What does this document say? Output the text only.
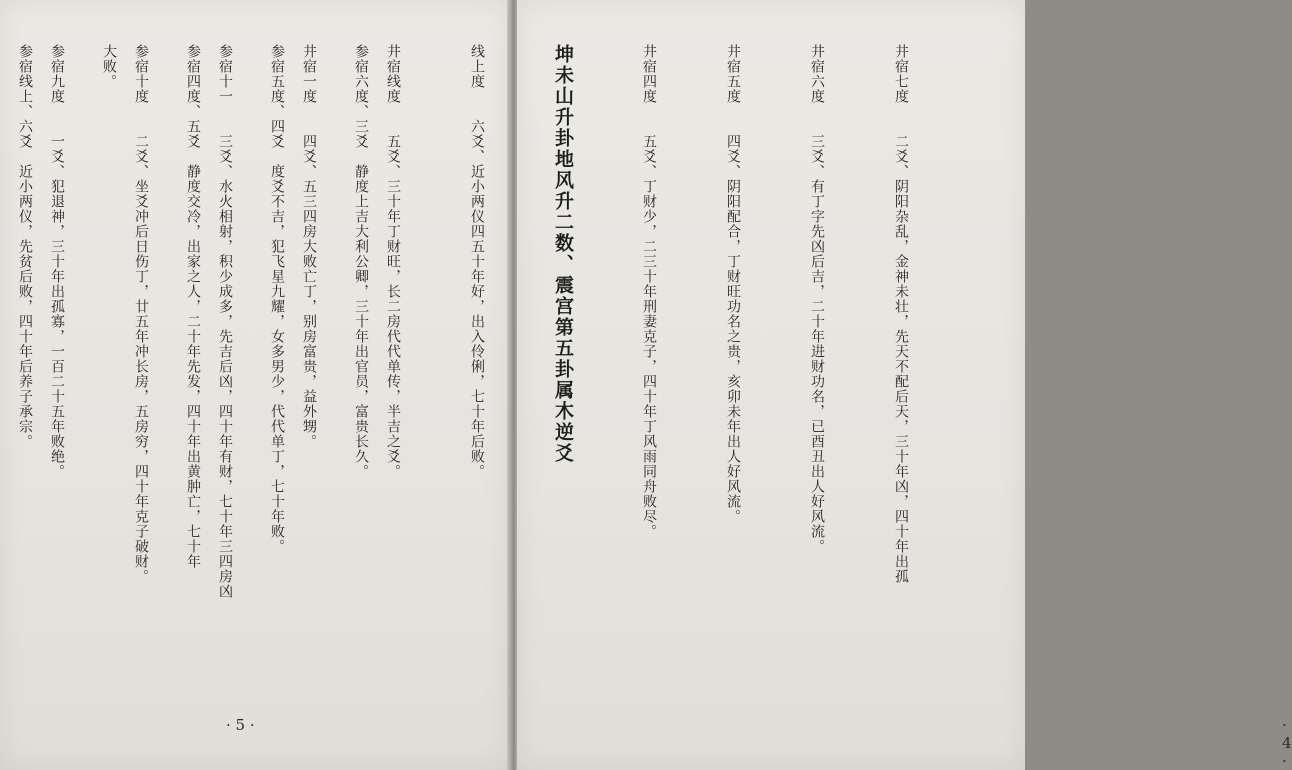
参宿六度、三爻　静度上吉大利公卿，三十年出官员，富贵长久。

参宿五度、四爻　度爻不吉，犯飞星九耀，女多男少，代代单丁，七十年败。

参宿四度、五爻　静度交冷，出家之人，二十年先发，四十年出黄肿亡，七十年

大败。

参宿线上、六爻　近小两仪，先贫后败，四十年后养子承宗。

· 5 ·

井宿七度　　二爻、阴阳杂乱，金神未壮，先天不配后天，三十年凶，四十年出孤

井宿六度　　三爻、有丁字先凶后吉，二十年进财功名，已酉丑出人好风流。

井宿五度　　四爻、阴阳配合，丁财旺功名之贵，亥卯未年出人好风流。

井宿四度　　五爻、丁财少，二三十年刑妻克子，四十年丁风雨同舟败尽。

坤未山升卦地风升二数、震宫第五卦属木逆爻

线上度　　六爻、近小两仪四五十年好，出入伶俐，七十年后败。

井宿线度　　五爻、三十年丁财旺，长二房代代单传，半吉之爻。

井宿一度　　四爻、五三四房大败亡丁，别房富贵，益外甥。

参宿十一　　三爻、水火相射，积少成多，先吉后凶，四十年有财，七十年三四房凶

参宿十度　　二爻、坐爻冲后日伤丁，廿五年冲长房，五房穷，四十年克子破财。

参宿九度　　一爻、犯退神，三十年出孤寡，一百二十五年败绝。

· 4 ·
